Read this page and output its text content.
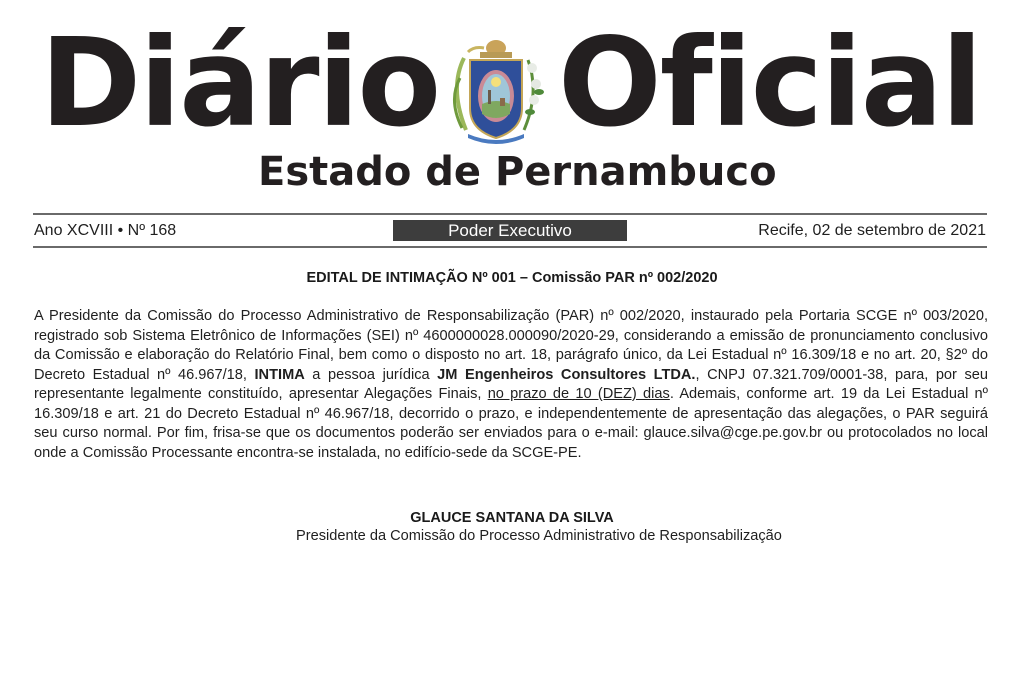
Diário Oficial
Estado de Pernambuco
Ano XCVIII • Nº 168	Poder Executivo	Recife, 02 de setembro de 2021
EDITAL DE INTIMAÇÃO Nº 001 – Comissão PAR nº 002/2020
A Presidente da Comissão do Processo Administrativo de Responsabilização (PAR) nº 002/2020, instaurado pela Portaria SCGE nº 003/2020, registrado sob Sistema Eletrônico de Informações (SEI) nº 4600000028.000090/2020-29, considerando a emissão de pronunciamento conclusivo da Comissão e elaboração do Relatório Final, bem como o disposto no art. 18, parágrafo único, da Lei Estadual nº 16.309/18 e no art. 20, §2º do Decreto Estadual nº 46.967/18, INTIMA a pessoa jurídica JM Engenheiros Consultores LTDA., CNPJ 07.321.709/0001-38, para, por seu representante legalmente constituído, apresentar Alegações Finais, no prazo de 10 (DEZ) dias. Ademais, conforme art. 19 da Lei Estadual nº 16.309/18 e art. 21 do Decreto Estadual nº 46.967/18, decorrido o prazo, e independentemente de apresentação das alegações, o PAR seguirá seu curso normal. Por fim, frisa-se que os documentos poderão ser enviados para o e-mail: glauce.silva@cge.pe.gov.br ou protocolados no local onde a Comissão Processante encontra-se instalada, no edifício-sede da SCGE-PE.
GLAUCE SANTANA DA SILVA
Presidente da Comissão do Processo Administrativo de Responsabilização
